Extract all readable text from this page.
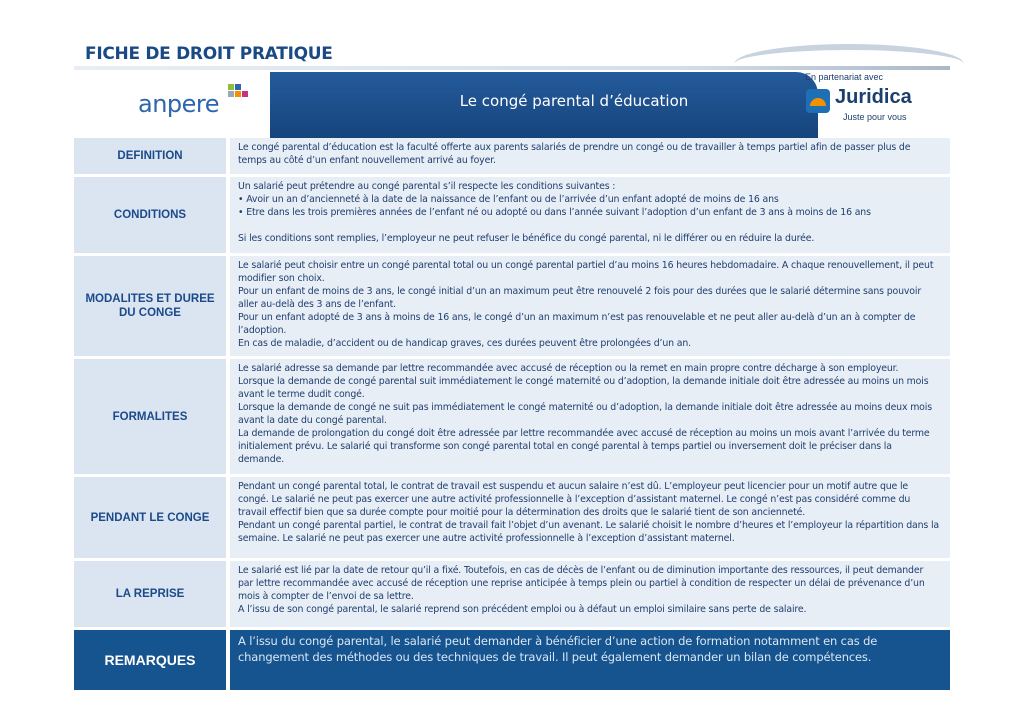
FICHE DE DROIT PRATIQUE
anpere	Le congé parental d’éducation
En partenariat avec
Juridica
Juste pour vous
DEFINITION

Le congé parental d’éducation est la faculté offerte aux parents salariés de prendre un congé ou de travailler à temps partiel afin de passer plus de temps au côté d’un enfant nouvellement arrivé au foyer.

CONDITIONS

Un salarié peut prétendre au congé parental s’il respecte les conditions suivantes :

• Avoir un an d’ancienneté à la date de la naissance de l’enfant ou de l’arrivée d’un enfant adopté de moins de 16 ans

• Etre dans les trois premières années de l’enfant né ou adopté ou dans l’année suivant l’adoption d’un enfant de 3 ans à moins de 16 ans

Si les conditions sont remplies, l’employeur ne peut refuser le bénéfice du congé parental, ni le différer ou en réduire la durée.

MODALITES ET DUREE DU CONGE

Le salarié peut choisir entre un congé parental total ou un congé parental partiel d’au moins 16 heures hebdomadaire. A chaque renouvellement, il peut modifier son choix.

Pour un enfant de moins de 3 ans, le congé initial d’un an maximum peut être renouvelé 2 fois pour des durées que le salarié détermine sans pouvoir aller au-delà des 3 ans de l’enfant.

Pour un enfant adopté de 3 ans à moins de 16 ans, le congé d’un an maximum n’est pas renouvelable et ne peut aller au-delà d’un an à compter de l’adoption.

En cas de maladie, d’accident ou de handicap graves, ces durées peuvent être prolongées d’un an.

FORMALITES

Le salarié adresse sa demande par lettre recommandée avec accusé de réception ou la remet en main propre contre décharge à son employeur.

Lorsque la demande de congé parental suit immédiatement le congé maternité ou d’adoption, la demande initiale doit être adressée au moins un mois avant le terme dudit congé.

Lorsque la demande de congé ne suit pas immédiatement le congé maternité ou d’adoption, la demande initiale doit être adressée au moins deux mois avant la date du congé parental.

La demande de prolongation du congé doit être adressée par lettre recommandée avec accusé de réception au moins un mois avant l’arrivée du terme initialement prévu. Le salarié qui transforme son congé parental total en congé parental à temps partiel ou inversement doit le préciser dans la demande.

PENDANT LE CONGE

Pendant un congé parental total, le contrat de travail est suspendu et aucun salaire n’est dû. L’employeur peut licencier pour un motif autre que le congé. Le salarié ne peut pas exercer une autre activité professionnelle à l’exception d’assistant maternel. Le congé n’est pas considéré comme du travail effectif bien que sa durée compte pour moitié pour la détermination des droits que le salarié tient de son ancienneté.

Pendant un congé parental partiel, le contrat de travail fait l’objet d’un avenant. Le salarié choisit le nombre d’heures et l’employeur la répartition dans la semaine. Le salarié ne peut pas exercer une autre activité professionnelle à l’exception d’assistant maternel.

LA REPRISE

Le salarié est lié par la date de retour qu’il a fixé. Toutefois, en cas de décès de l’enfant ou de diminution importante des ressources, il peut demander par lettre recommandée avec accusé de réception une reprise anticipée à temps plein ou partiel à condition de respecter un délai de prévenance d’un mois à compter de l’envoi de sa lettre.

A l’issu de son congé parental, le salarié reprend son précédent emploi ou à défaut un emploi similaire sans perte de salaire.

REMARQUES

A l’issu du congé parental, le salarié peut demander à bénéficier d’une action de formation notamment en cas de changement des méthodes ou des techniques de travail. Il peut également demander un bilan de compétences.
